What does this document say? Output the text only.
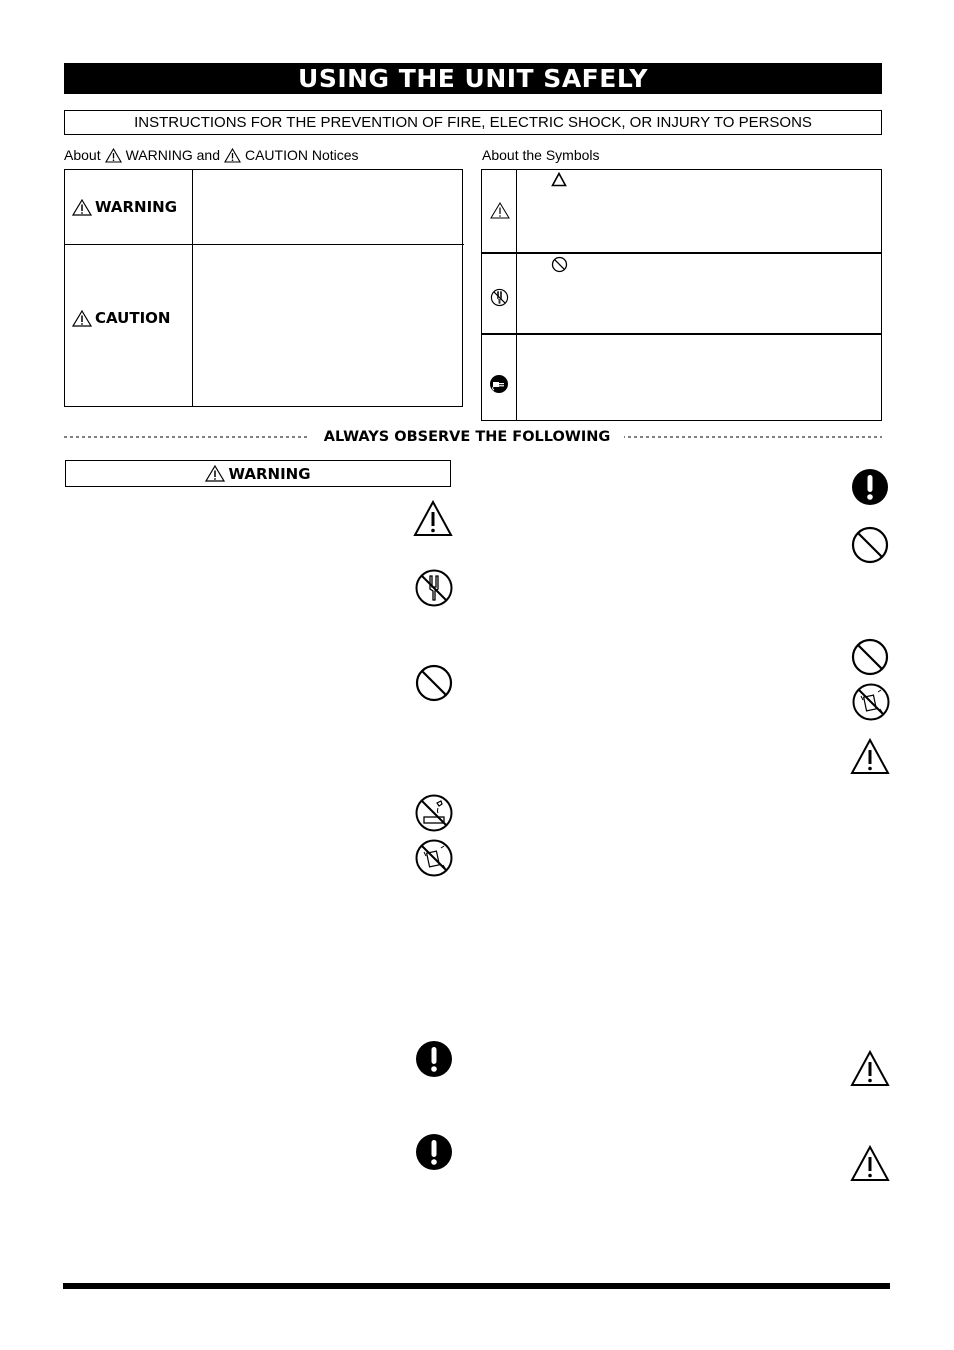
USING THE UNIT SAFELY
INSTRUCTIONS FOR THE PREVENTION OF FIRE, ELECTRIC SHOCK, OR INJURY TO PERSONS
About WARNING and CAUTION Notices	About the Symbols
WARNING
CAUTION
ALWAYS OBSERVE THE FOLLOWING
WARNING
